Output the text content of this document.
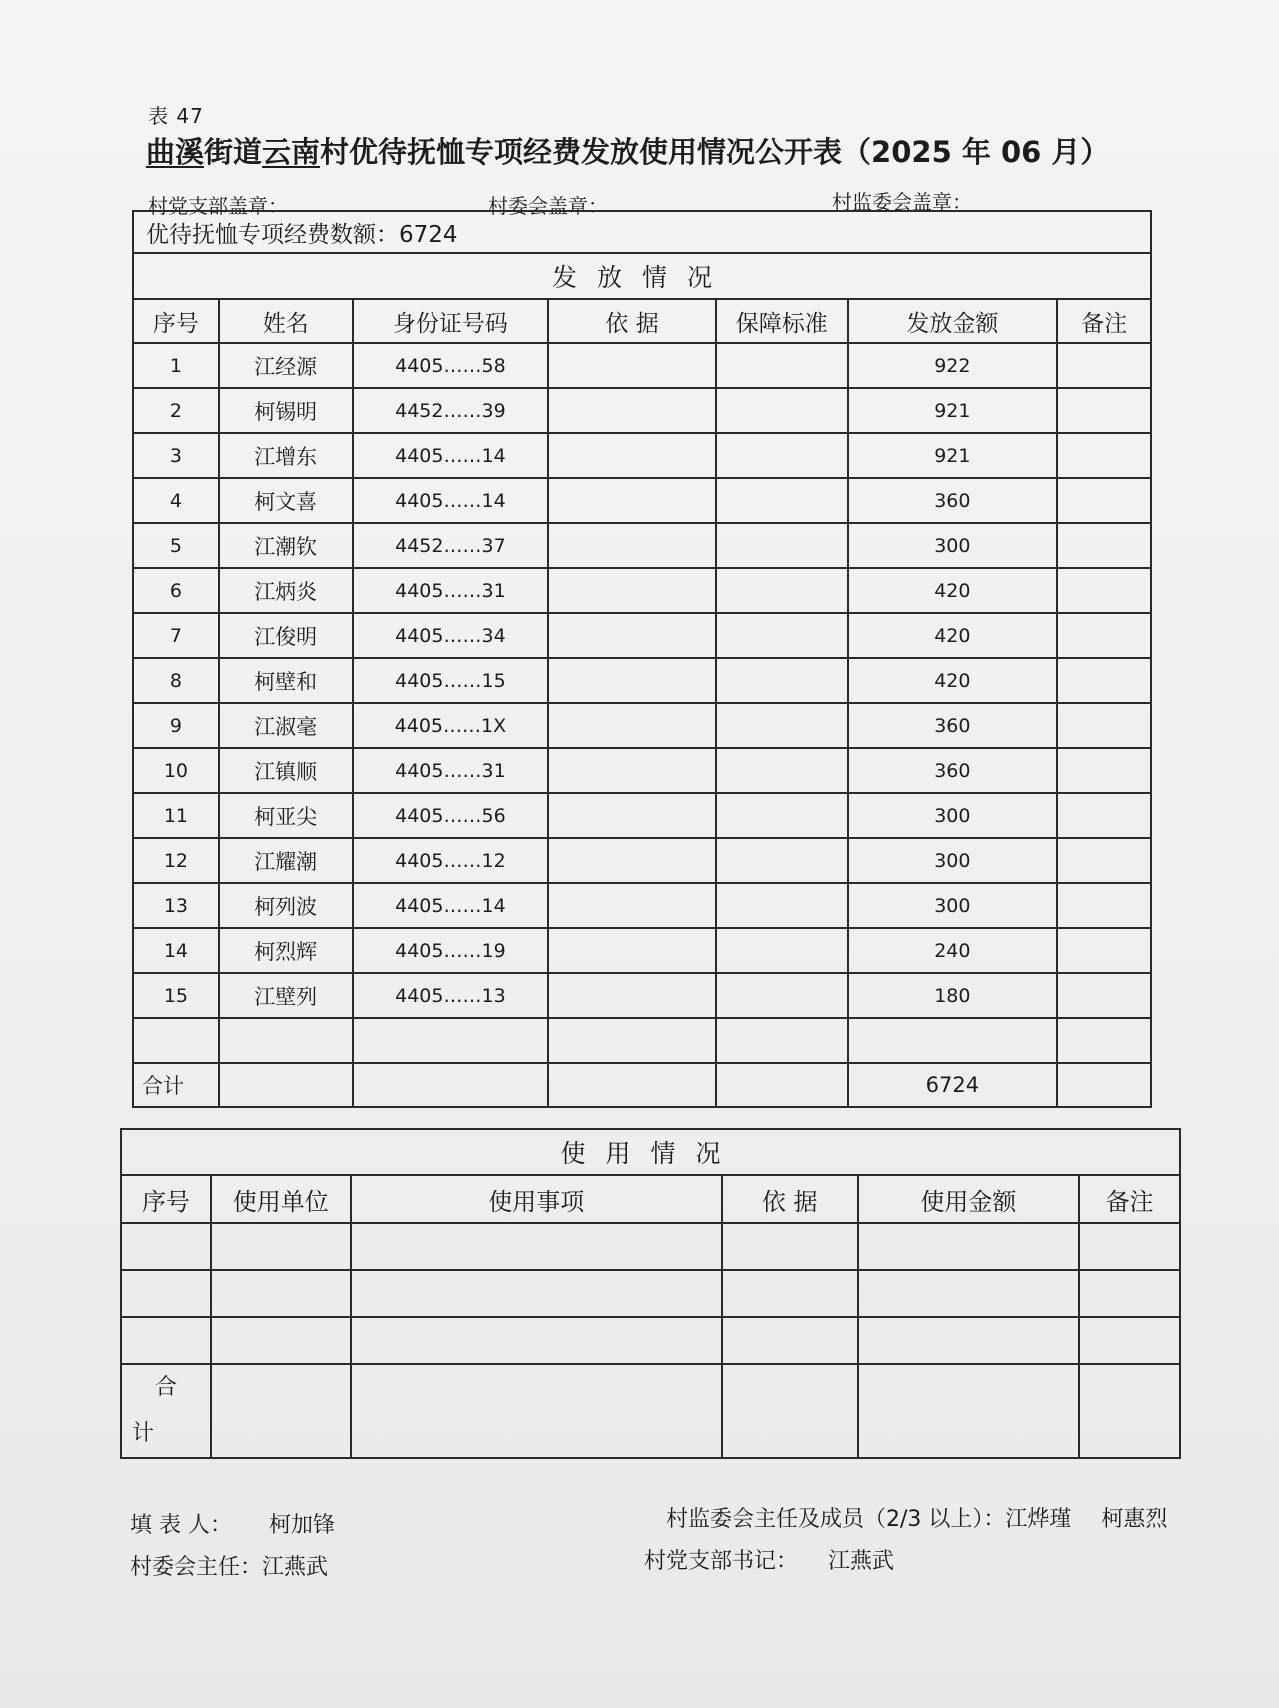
表 47
曲溪街道云南村优待抚恤专项经费发放使用情况公开表（2025 年 06 月）
村党支部盖章：	村委会盖章：	村监委会盖章：
优待抚恤专项经费数额：6724						
发放情况						
序号	姓名	身份证号码	依 据	保障标准	发放金额	备注
1	江经源	4405……58			922	
2	柯锡明	4452……39			921	
3	江增东	4405……14			921	
4	柯文喜	4405……14			360	
5	江潮钦	4452……37			300	
6	江炳炎	4405……31			420	
7	江俊明	4405……34			420	
8	柯壁和	4405……15			420	
9	江淑毫	4405……1X			360	
10	江镇顺	4405……31			360	
11	柯亚尖	4405……56			300	
12	江耀潮	4405……12			300	
13	柯列波	4405……14			300	
14	柯烈辉	4405……19			240	
15	江壁列	4405……13			180	

合计					6724	
使用情况					
序号	使用单位	使用事项	依 据	使用金额	备注

合
计					

填 表 人： 柯加锋
村委会主任：江燕武
村监委会主任及成员（2/3 以上）：江烨瑾 柯惠烈
村党支部书记： 江燕武
